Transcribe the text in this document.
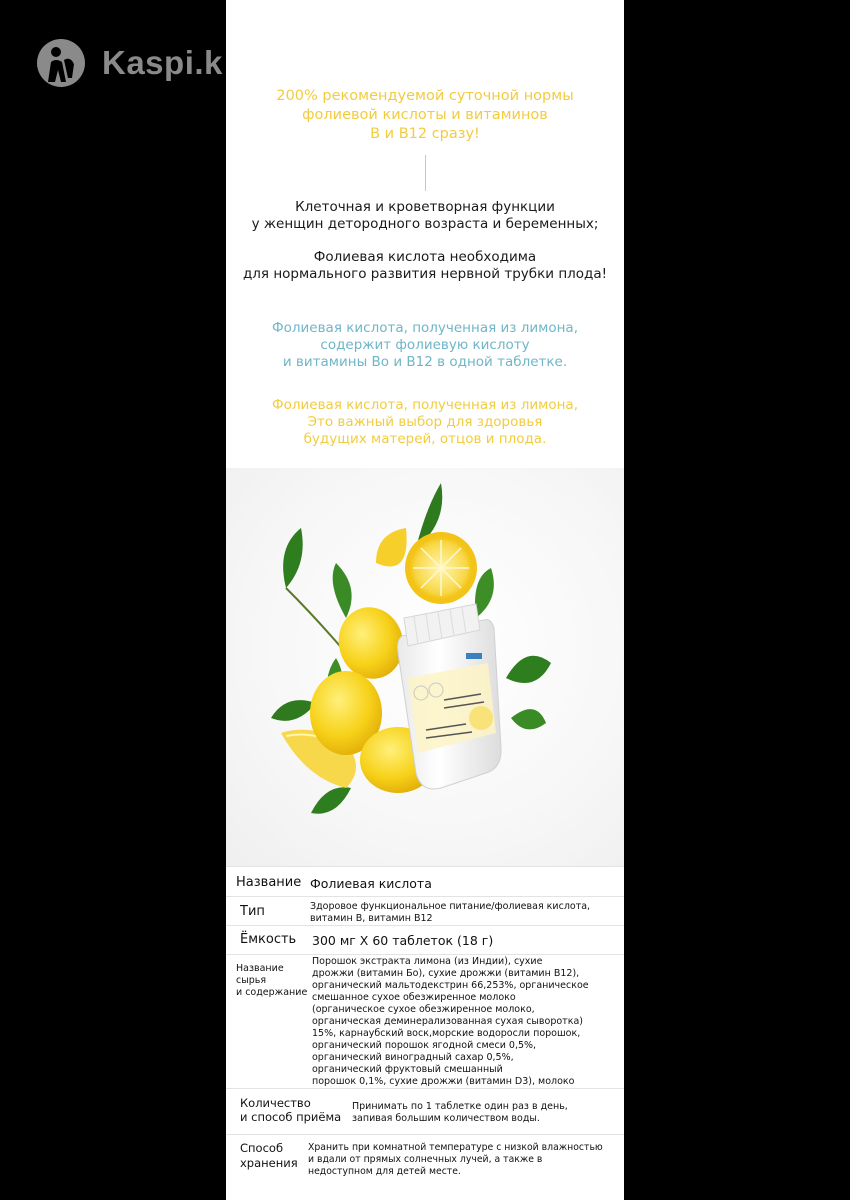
Kaspi.k
200% рекомендуемой суточной нормы
фолиевой кислоты и витаминов
В и В12 сразу!
Клеточная и кроветворная функции
у женщин детородного возраста и беременных;
Фолиевая кислота необходима
для нормального развития нервной трубки плода!
Фолиевая кислота, полученная из лимона,
содержит фолиевую кислоту
и витамины Bo и В12 в одной таблетке.
Фолиевая кислота, полученная из лимона,
Это важный выбор для здоровья
будущих матерей, отцов и плода.
Название Фолиевая кислота
Тип	Здоровое функциональное питание/фолиевая кислота,
витамин В, витамин В12
Ёмкость 300 мг Х 60 таблеток (18 г)
Название
сырья
и содержание
Порошок экстракта лимона (из Индии), сухие
дрожжи (витамин Бо), сухие дрожжи (витамин В12),
органический мальтодекстрин 66,253%, органическое
смешанное сухое обезжиренное молоко
(органическое сухое обезжиренное молоко,
органическая деминерализованная сухая сыворотка)
15%, карнаубский воск,морские водоросли порошок,
органический порошок ягодной смеси 0,5%,
органический виноградный сахар 0,5%,
органический фруктовый смешанный
порошок 0,1%, сухие дрожжи (витамин D3), молоко
Количество
и способ приёма
Принимать по 1 таблетке один раз в день,
запивая большим количеством воды.
Способ
хранения
Хранить при комнатной температуре с низкой влажностью
и вдали от прямых солнечных лучей, а также в
недоступном для детей месте.
